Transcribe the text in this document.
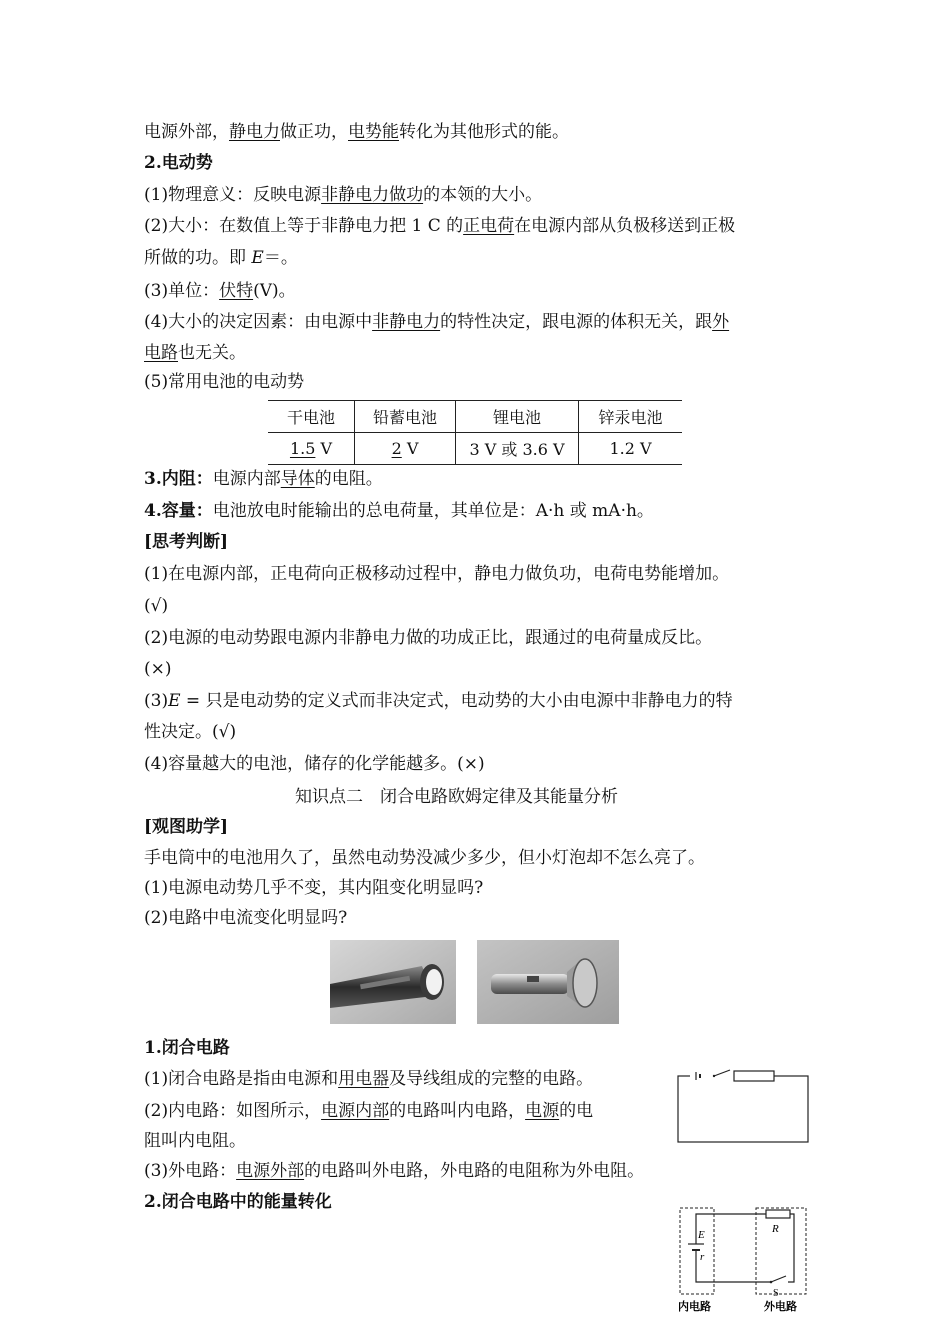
电源外部，静电力做正功，电势能转化为其他形式的能。
2.电动势
(1)物理意义：反映电源非静电力做功的本领的大小。
(2)大小：在数值上等于非静电力把 1 C 的正电荷在电源内部从负极移送到正极
所做的功。即 E＝。
(3)单位：伏特(V)。
(4)大小的决定因素：由电源中非静电力的特性决定，跟电源的体积无关，跟外
电路也无关。
(5)常用电池的电动势
干电池	铅蓄电池	锂电池	锌汞电池
1.5 V	2 V	3 V 或 3.6 V	1.2 V
3.内阻：电源内部导体的电阻。
4.容量：电池放电时能输出的总电荷量，其单位是：A·h 或 mA·h。
[思考判断]
(1)在电源内部，正电荷向正极移动过程中，静电力做负功，电荷电势能增加。
(√)
(2)电源的电动势跟电源内非静电力做的功成正比，跟通过的电荷量成反比。
(×)
(3)E = 只是电动势的定义式而非决定式，电动势的大小由电源中非静电力的特
性决定。(√)
(4)容量越大的电池，储存的化学能越多。(×)
知识点二　闭合电路欧姆定律及其能量分析
[观图助学]
手电筒中的电池用久了，虽然电动势没减少多少，但小灯泡却不怎么亮了。
(1)电源电动势几乎不变，其内阻变化明显吗?
(2)电路中电流变化明显吗?
1.闭合电路
(1)闭合电路是指由电源和用电器及导线组成的完整的电路。
(2)内电路：如图所示，电源内部的电路叫内电路，电源的电
阻叫内电阻。
(3)外电路：电源外部的电路叫外电路，外电路的电阻称为外电阻。
2.闭合电路中的能量转化
E
r
R
S
内电路	外电路
